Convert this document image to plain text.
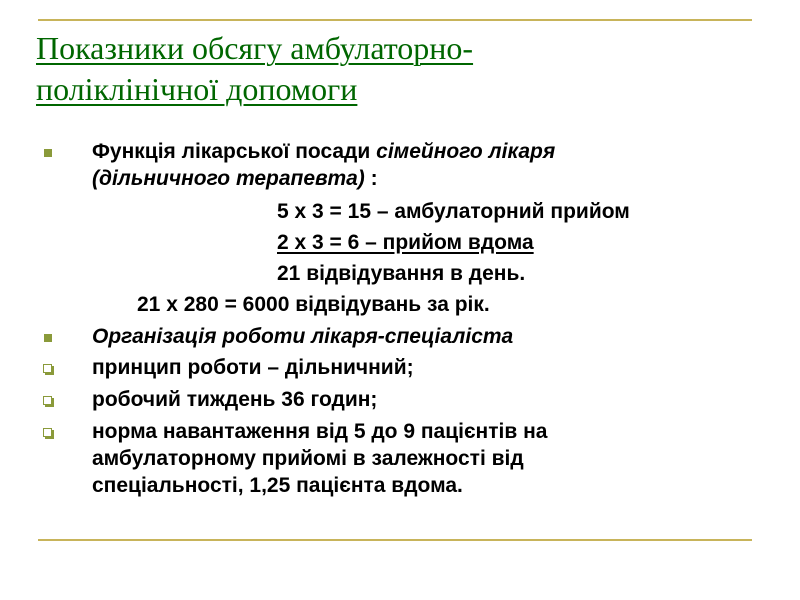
Показники обсягу амбулаторно-
поліклінічної допомоги
Функція лікарської посади сімейного лікаря
(дільничного терапевта) :
5 х 3 = 15 – амбулаторний прийом
2 х 3 = 6 – прийом вдома
21 відвідування в день.
21 х 280 = 6000 відвідувань за рік.
Організація роботи лікаря-спеціаліста
принцип роботи – дільничний;
робочий тиждень 36 годин;
норма навантаження від 5 до 9 пацієнтів на
амбулаторному прийомі в залежності від
спеціальності, 1,25 пацієнта вдома.
